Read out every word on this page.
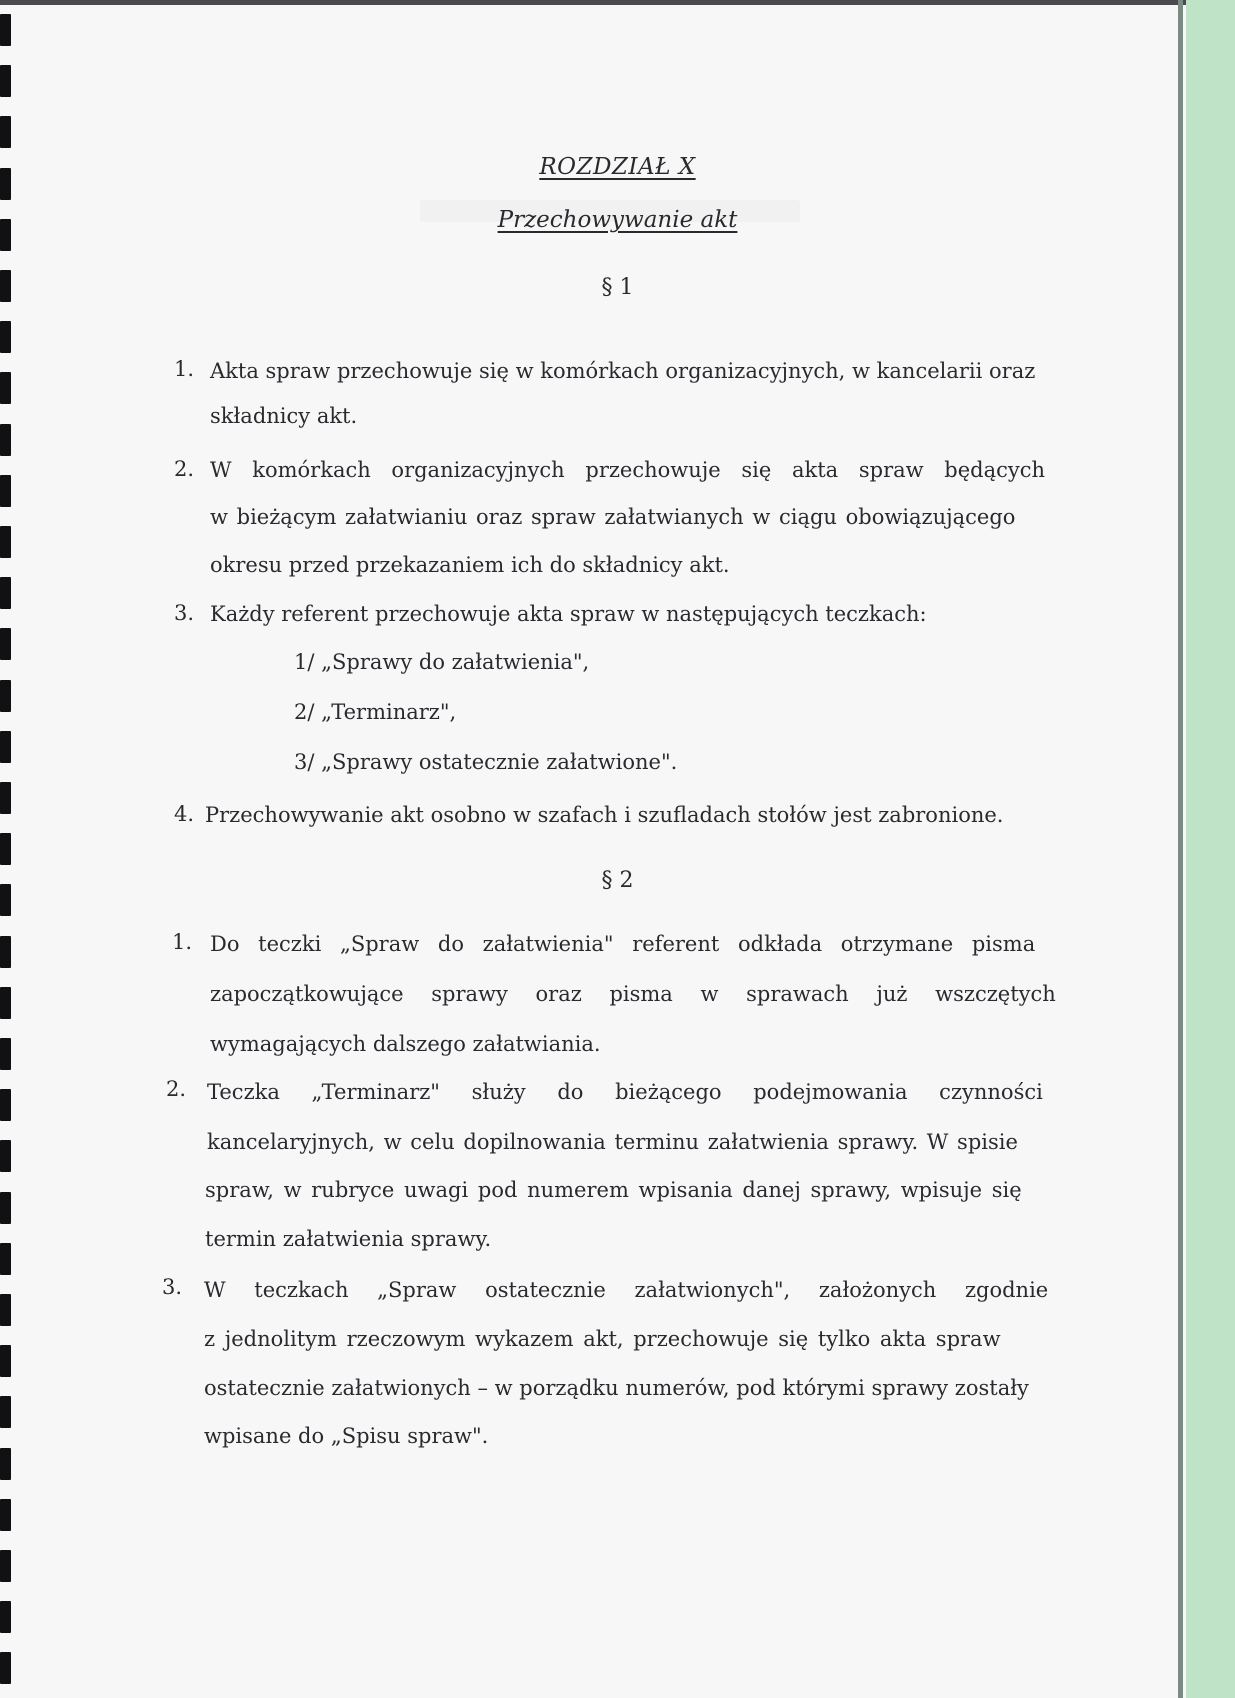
ROZDZIAŁ X
Przechowywanie akt
§ 1
1. Akta spraw przechowuje się w komórkach organizacyjnych, w kancelarii oraz
składnicy akt.
2. W komórkach organizacyjnych przechowuje się akta spraw będących
w bieżącym załatwianiu oraz spraw załatwianych w ciągu obowiązującego
okresu przed przekazaniem ich do składnicy akt.
3. Każdy referent przechowuje akta spraw w następujących teczkach:
1/ „Sprawy do załatwienia",
2/ „Terminarz",
3/ „Sprawy ostatecznie załatwione".
4. Przechowywanie akt osobno w szafach i szufladach stołów jest zabronione.
§ 2
1. Do teczki „Spraw do załatwienia" referent odkłada otrzymane pisma
zapoczątkowujące sprawy oraz pisma w sprawach już wszczętych
wymagających dalszego załatwiania.
2. Teczka „Terminarz" służy do bieżącego podejmowania czynności
kancelaryjnych, w celu dopilnowania terminu załatwienia sprawy. W spisie
spraw, w rubryce uwagi pod numerem wpisania danej sprawy, wpisuje się
termin załatwienia sprawy.
3. W teczkach „Spraw ostatecznie załatwionych", założonych zgodnie
z jednolitym rzeczowym wykazem akt, przechowuje się tylko akta spraw
ostatecznie załatwionych – w porządku numerów, pod którymi sprawy zostały
wpisane do „Spisu spraw".
